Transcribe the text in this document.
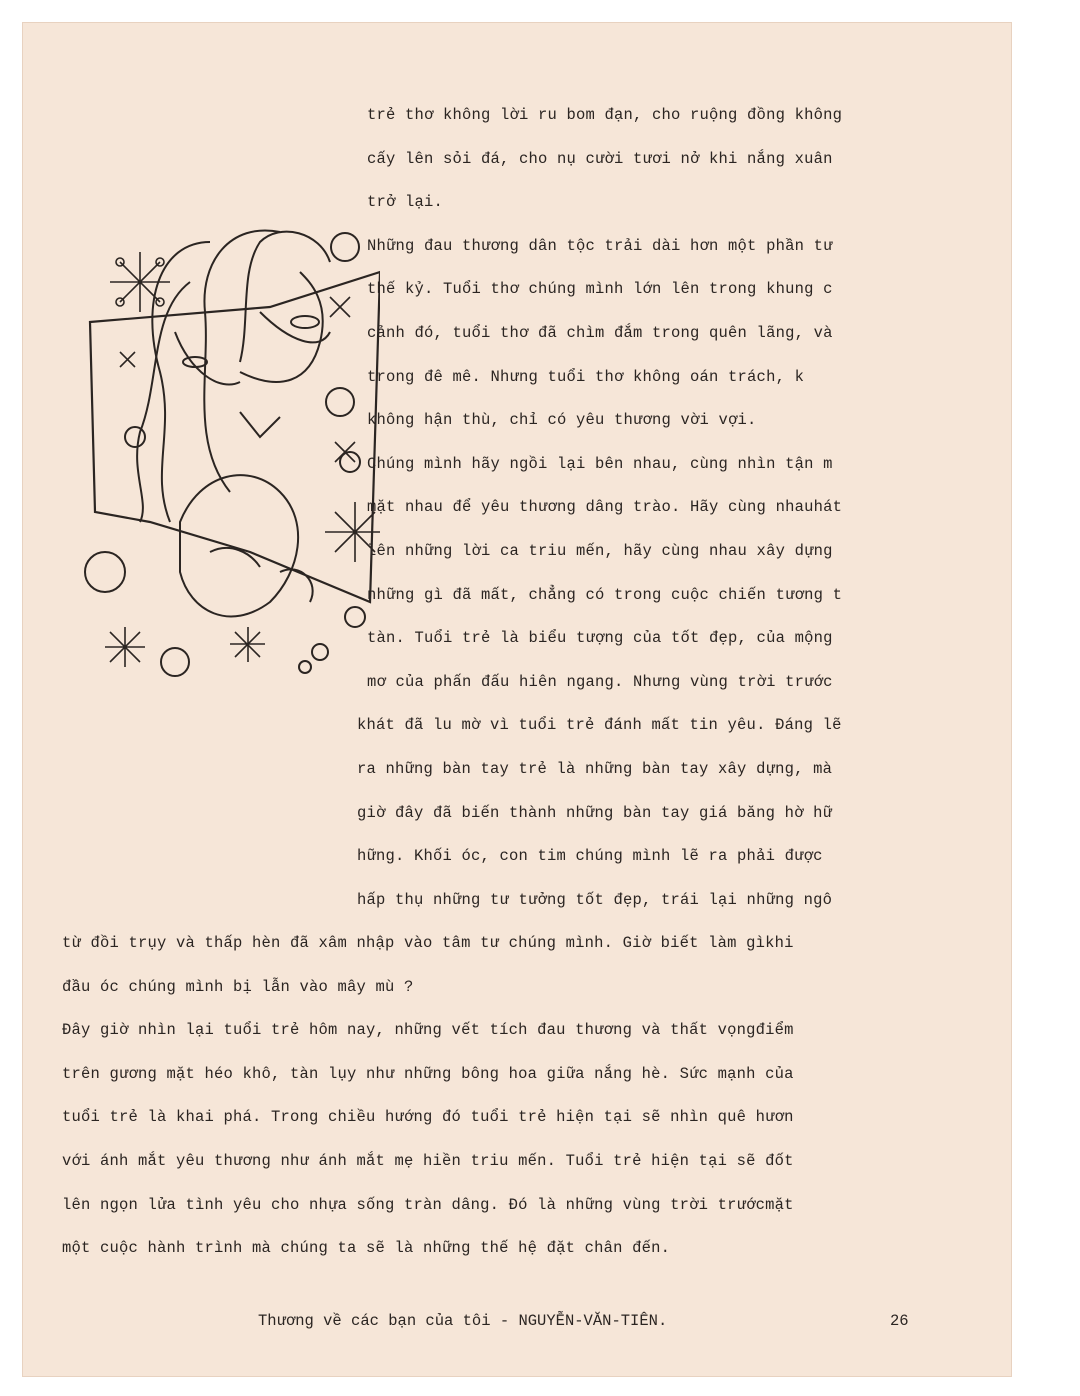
trẻ thơ không lời ru bom đạn, cho ruộng đồng không
cấy lên sỏi đá, cho nụ cười tươi nở khi nắng xuân
trở lại.
Những đau thương dân tộc trải dài hơn một phần tư
thế kỷ. Tuổi thơ chúng mình lớn lên trong khung c
cảnh đó, tuổi thơ đã chìm đắm trong quên lãng, và
trong đê mê. Nhưng tuổi thơ không oán trách, k
không hận thù, chỉ có yêu thương vời vợi.
Chúng mình hãy ngồi lại bên nhau, cùng nhìn tận m
mặt nhau để yêu thương dâng trào. Hãy cùng nhauhát
lên những lời ca triu mến, hãy cùng nhau xây dựng
những gì đã mất, chẳng có trong cuộc chiến tương t
tàn. Tuổi trẻ là biểu tượng của tốt đẹp, của mộng
mơ của phấn đấu hiên ngang. Nhưng vùng trời trước
khát đã lu mờ vì tuổi trẻ đánh mất tin yêu. Đáng lẽ
ra những bàn tay trẻ là những bàn tay xây dựng, mà
giờ đây đã biến thành những bàn tay giá băng hờ hữ
hững. Khối óc, con tim chúng mình lẽ ra phải được
hấp thụ những tư tưởng tốt đẹp, trái lại những ngô
từ đồi trụy và thấp hèn đã xâm nhập vào tâm tư chúng mình. Giờ biết làm gìkhi
đầu óc chúng mình bị lẫn vào mây mù ?
Đây giờ nhìn lại tuổi trẻ hôm nay, những vết tích đau thương và thất vọngđiểm
trên gương mặt héo khô, tàn lụy như những bông hoa giữa nắng hè. Sức mạnh của
tuổi trẻ là khai phá. Trong chiều hướng đó tuổi trẻ hiện tại sẽ nhìn quê hươn
với ánh mắt yêu thương như ánh mắt mẹ hiền triu mến. Tuổi trẻ hiện tại sẽ đốt
lên ngọn lửa tình yêu cho nhựa sống tràn dâng. Đó là những vùng trời trướcmặt
một cuộc hành trình mà chúng ta sẽ là những thế hệ đặt chân đến.
Thương về các bạn của tôi - NGUYỄN-VĂN-TIÊN.	26
